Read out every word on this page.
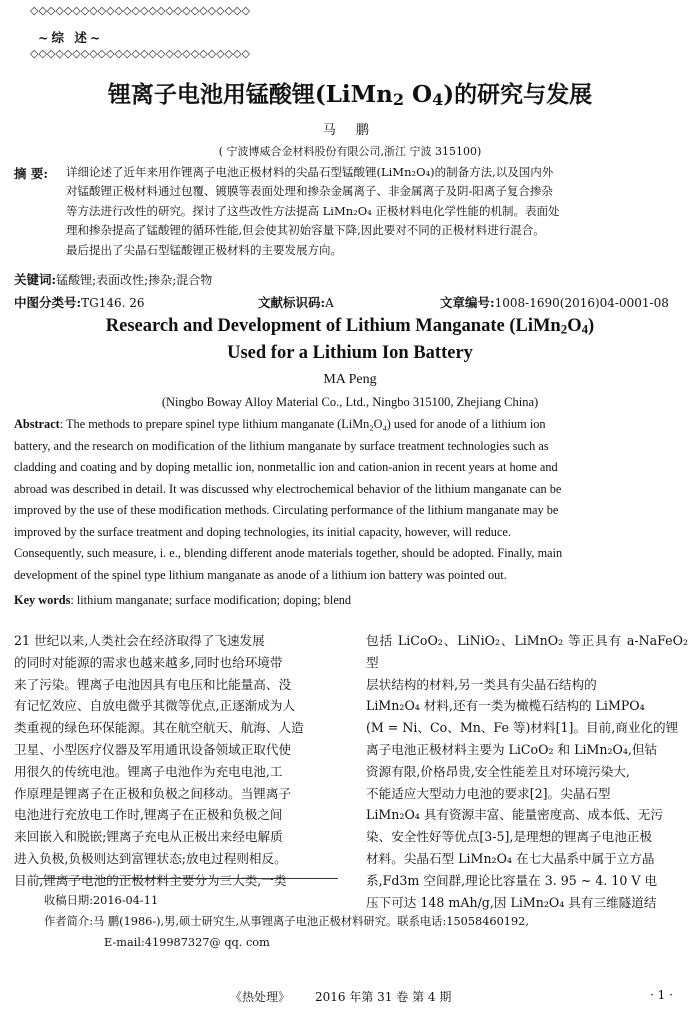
◇◇◇◇◇◇◇◇◇◇◇◇◇◇◇◇◇◇◇◇◇◇◇◇◇◇
~综 述~
◇◇◇◇◇◇◇◇◇◇◇◇◇◇◇◇◇◇◇◇◇◇◇◇◇◇
锂离子电池用锰酸锂(LiMn$_2$ $O_4$)的研究与发展
马 鹏
( 宁波博威合金材料股份有限公司,浙江 宁波 315100)
摘 要: 详细论述了近年来用作锂离子电池正极材料的尖晶石型锰酸锂(LiMn₂O₄)的制备方法,以及国内外
对锰酸锂正极材料通过包覆、镀膜等表面处理和掺杂金属离子、非金属离子及阴-阳离子复合掺杂
等方法进行改性的研究。探讨了这些改性方法提高 LiMn₂O₄ 正极材料电化学性能的机制。表面处
理和掺杂提高了锰酸锂的循环性能,但会使其初始容量下降,因此要对不同的正极材料进行混合。
最后提出了尖晶石型锰酸锂正极材料的主要发展方向。
关键词:锰酸锂;表面改性;掺杂;混合物
中图分类号:TG146. 26	文献标识码:A	文章编号:1008-1690(2016)04-0001-08
Research and Development of Lithium Manganate $(LiMn_2O_4)$
Used for a Lithium Ion Battery
MA Peng
(Ningbo Boway Alloy Material Co., Ltd., Ningbo 315100, Zhejiang China)
Abstract: The methods to prepare spinel type lithium manganate (LiMn₂O₄) used for anode of a lithium ion
battery, and the research on modification of the lithium manganate by surface treatment technologies such as
cladding and coating and by doping metallic ion, nonmetallic ion and cation-anion in recent years at home and
abroad was described in detail. It was discussed why electrochemical behavior of the lithium manganate can be
improved by the use of these modification methods. Circulating performance of the lithium manganate may be
improved by the surface treatment and doping technologies, its initial capacity, however, will reduce.
Consequently, such measure, i. e., blending different anode materials together, should be adopted. Finally, main
development of the spinel type lithium manganate as anode of a lithium ion battery was pointed out.
Key words: lithium manganate; surface modification; doping; blend
21 世纪以来,人类社会在经济取得了飞速发展
的同时对能源的需求也越来越多,同时也给环境带
来了污染。锂离子电池因具有电压和比能量高、没
有记忆效应、自放电微乎其微等优点,正逐渐成为人
类重视的绿色环保能源。其在航空航天、航海、人造
卫星、小型医疗仪器及军用通讯设备领域正取代使
用很久的传统电池。锂离子电池作为充电电池,工
作原理是锂离子在正极和负极之间移动。当锂离子
电池进行充放电工作时,锂离子在正极和负极之间
来回嵌入和脱嵌;锂离子充电从正极出来经电解质
进入负极,负极则达到富锂状态;放电过程则相反。
目前,锂离子电池的正极材料主要分为三大类,一类
包括 LiCoO₂、LiNiO₂、LiMnO₂ 等正具有 a-NaFeO₂ 型
层状结构的材料,另一类具有尖晶石结构的
LiMn₂O₄ 材料,还有一类为橄榄石结构的 LiMPO₄
(M = Ni、Co、Mn、Fe 等)材料[1]。目前,商业化的锂
离子电池正极材料主要为 LiCoO₂ 和 LiMn₂O₄,但钴
资源有限,价格昂贵,安全性能差且对环境污染大,
不能适应大型动力电池的要求[2]。尖晶石型
LiMn₂O₄ 具有资源丰富、能量密度高、成本低、无污
染、安全性好等优点[3-5],是理想的锂离子电池正极
材料。尖晶石型 LiMn₂O₄ 在七大晶系中属于立方晶
系,Fd3m 空间群,理论比容量在 3. 95 ~ 4. 10 V 电
压下可达 148 mAh/g,因 LiMn₂O₄ 具有三维隧道结
收稿日期:2016-04-11
作者简介:马 鹏(1986-),男,硕士研究生,从事锂离子电池正极材料研究。联系电话:15058460192,
E-mail:419987327@ qq. com
《热处理》 2016 年第 31 卷 第 4 期	· 1 ·
